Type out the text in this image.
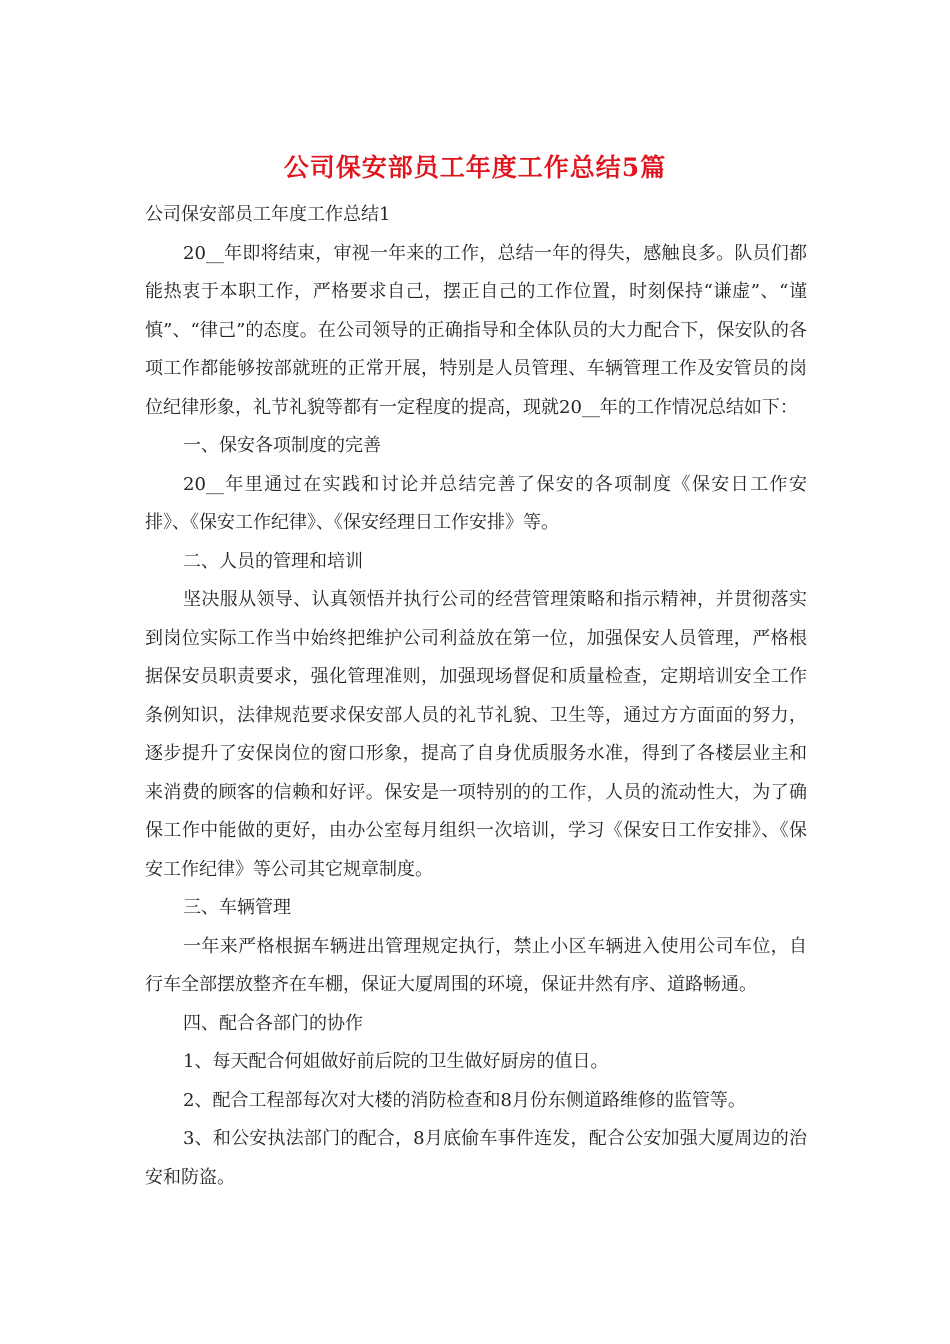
公司保安部员工年度工作总结5篇

公司保安部员工年度工作总结1

20__年即将结束，审视一年来的工作，总结一年的得失，感触良多。队员们都能热衷于本职工作，严格要求自己，摆正自己的工作位置，时刻保持“谦虚”、“谨慎”、“律己”的态度。在公司领导的正确指导和全体队员的大力配合下，保安队的各项工作都能够按部就班的正常开展，特别是人员管理、车辆管理工作及安管员的岗位纪律形象，礼节礼貌等都有一定程度的提高，现就20__年的工作情况总结如下：

一、保安各项制度的完善

20__年里通过在实践和讨论并总结完善了保安的各项制度《保安日工作安排》、《保安工作纪律》、《保安经理日工作安排》等。

二、人员的管理和培训

坚决服从领导、认真领悟并执行公司的经营管理策略和指示精神，并贯彻落实到岗位实际工作当中始终把维护公司利益放在第一位，加强保安人员管理，严格根据保安员职责要求，强化管理准则，加强现场督促和质量检查，定期培训安全工作条例知识，法律规范要求保安部人员的礼节礼貌、卫生等，通过方方面面的努力，逐步提升了安保岗位的窗口形象，提高了自身优质服务水准，得到了各楼层业主和来消费的顾客的信赖和好评。保安是一项特别的的工作，人员的流动性大，为了确保工作中能做的更好，由办公室每月组织一次培训，学习《保安日工作安排》、《保安工作纪律》等公司其它规章制度。

三、车辆管理

一年来严格根据车辆进出管理规定执行，禁止小区车辆进入使用公司车位，自行车全部摆放整齐在车棚，保证大厦周围的环境，保证井然有序、道路畅通。

四、配合各部门的协作

1、每天配合何姐做好前后院的卫生做好厨房的值日。

2、配合工程部每次对大楼的消防检查和8月份东侧道路维修的监管等。

3、和公安执法部门的配合，8月底偷车事件连发，配合公安加强大厦周边的治安和防盗。
